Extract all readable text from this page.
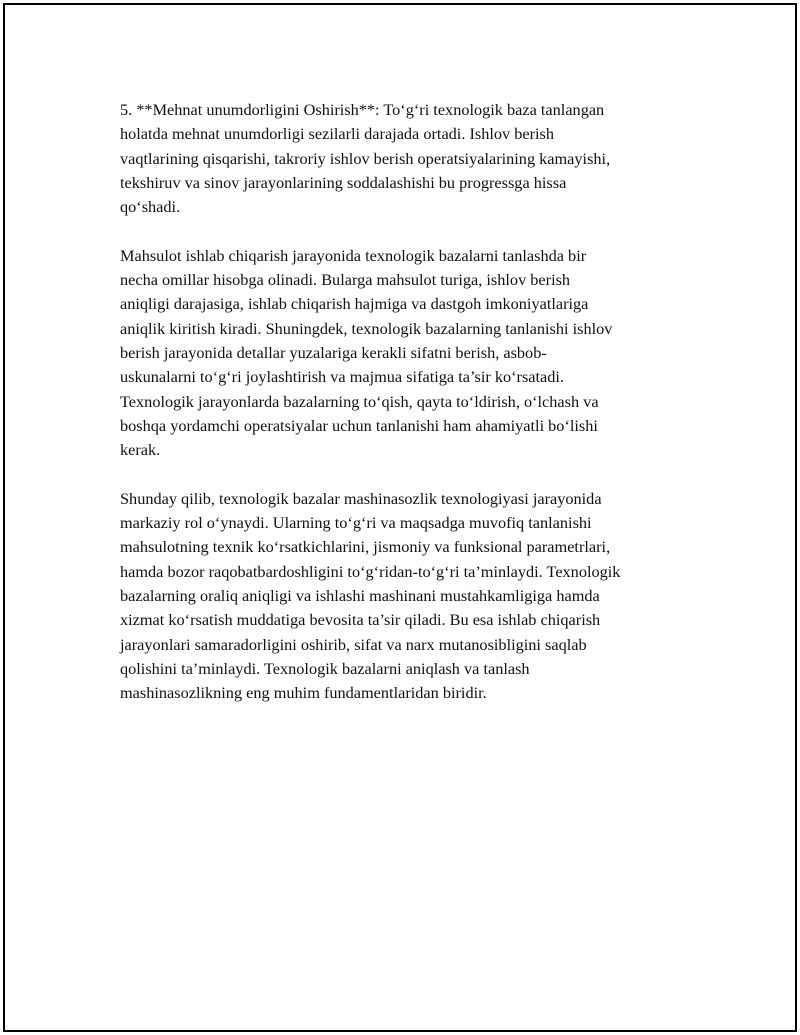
5. **Mehnat unumdorligini Oshirish**: To‘g‘ri texnologik baza tanlangan
holatda mehnat unumdorligi sezilarli darajada ortadi. Ishlov berish
vaqtlarining qisqarishi, takroriy ishlov berish operatsiyalarining kamayishi,
tekshiruv va sinov jarayonlarining soddalashishi bu progressga hissa
qo‘shadi.

Mahsulot ishlab chiqarish jarayonida texnologik bazalarni tanlashda bir
necha omillar hisobga olinadi. Bularga mahsulot turiga, ishlov berish
aniqligi darajasiga, ishlab chiqarish hajmiga va dastgoh imkoniyatlariga
aniqlik kiritish kiradi. Shuningdek, texnologik bazalarning tanlanishi ishlov
berish jarayonida detallar yuzalariga kerakli sifatni berish, asbob-
uskunalarni to‘g‘ri joylashtirish va majmua sifatiga ta’sir ko‘rsatadi.
Texnologik jarayonlarda bazalarning to‘qish, qayta to‘ldirish, o‘lchash va
boshqa yordamchi operatsiyalar uchun tanlanishi ham ahamiyatli bo‘lishi
kerak.

Shunday qilib, texnologik bazalar mashinasozlik texnologiyasi jarayonida
markaziy rol o‘ynaydi. Ularning to‘g‘ri va maqsadga muvofiq tanlanishi
mahsulotning texnik ko‘rsatkichlarini, jismoniy va funksional parametrlari,
hamda bozor raqobatbardoshligini to‘g‘ridan-to‘g‘ri ta’minlaydi. Texnologik
bazalarning oraliq aniqligi va ishlashi mashinani mustahkamligiga hamda
xizmat ko‘rsatish muddatiga bevosita ta’sir qiladi. Bu esa ishlab chiqarish
jarayonlari samaradorligini oshirib, sifat va narx mutanosibligini saqlab
qolishini ta’minlaydi. Texnologik bazalarni aniqlash va tanlash
mashinasozlikning eng muhim fundamentlaridan biridir.
